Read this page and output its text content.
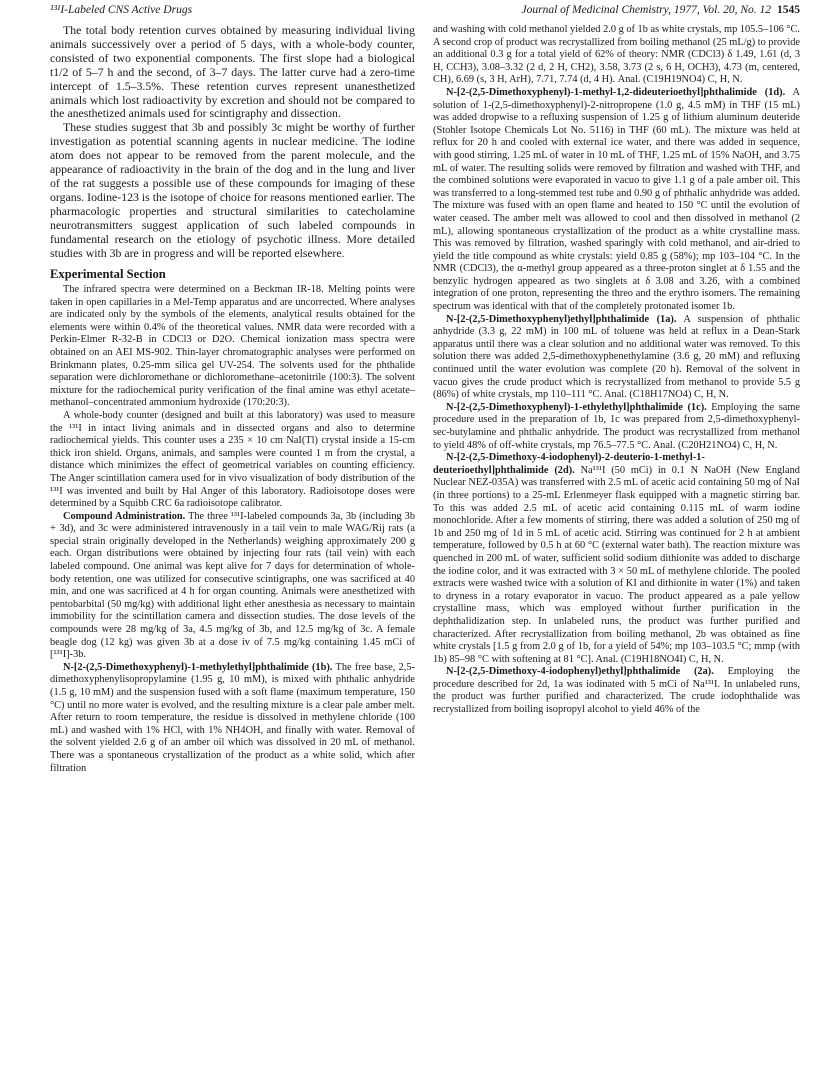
¹³¹I-Labeled CNS Active Drugs	Journal of Medicinal Chemistry, 1977, Vol. 20, No. 12 1545

The total body retention curves obtained by measuring individual living animals successively over a period of 5 days, with a whole-body counter, consisted of two exponential components. The first slope had a biological t1/2 of 5–7 h and the second, of 3–7 days. The latter curve had a zero-time intercept of 1.5–3.5%. These retention curves represent unanesthetized animals which lost radioactivity by excretion and should not be compared to the anesthetized animals used for scintigraphy and dissection.

These studies suggest that 3b and possibly 3c might be worthy of further investigation as potential scanning agents in nuclear medicine. The iodine atom does not appear to be removed from the parent molecule, and the appearance of radioactivity in the brain of the dog and in the lung and liver of the rat suggests a possible use of these compounds for imaging of these organs. Iodine-123 is the isotope of choice for reasons mentioned earlier. The pharmacologic properties and structural similarities to catecholamine neurotransmitters suggest application of such labeled compounds in fundamental research on the etiology of psychotic illness. More detailed studies with 3b are in progress and will be reported elsewhere.

Experimental Section

The infrared spectra were determined on a Beckman IR-18. Melting points were taken in open capillaries in a Mel-Temp apparatus and are uncorrected. Where analyses are indicated only by the symbols of the elements, analytical results obtained for the elements were within 0.4% of the theoretical values. NMR data were recorded with a Perkin-Elmer R-32-B in CDCl3 or D2O. Chemical ionization mass spectra were obtained on an AEI MS-902. Thin-layer chromatographic analyses were performed on Brinkmann plates, 0.25-mm silica gel UV-254. The solvents used for the phthalide separation were dichloromethane or dichloromethane–acetonitrile (100:3). The solvent mixture for the radiochemical purity verification of the final amine was ethyl acetate–methanol–concentrated ammonium hydroxide (170:20:3).

A whole-body counter (designed and built at this laboratory) was used to measure the ¹³¹I in intact living animals and in dissected organs and also to determine radiochemical yields. This counter uses a 235 × 10 cm NaI(Tl) crystal inside a 15-cm thick iron shield. Organs, animals, and samples were counted 1 m from the crystal, a distance which minimizes the effect of geometrical variables on counting efficiency. The Anger scintillation camera used for in vivo visualization of body distribution of the ¹³¹I was invented and built by Hal Anger of this laboratory. Radioisotope doses were determined by a Squibb CRC 6a radioisotope calibrator.

Compound Administration. The three ¹³¹I-labeled compounds 3a, 3b (including 3b + 3d), and 3c were administered intravenously in a tail vein to male WAG/Rij rats (a special strain originally developed in the Netherlands) weighing approximately 200 g each. Organ distributions were obtained by injecting four rats (tail vein) with each labeled compound. One animal was kept alive for 7 days for determination of whole-body retention, one was utilized for consecutive scintigraphs, one was sacrificed at 40 min, and one was sacrificed at 4 h for organ counting. Animals were anesthetized with pentobarbital (50 mg/kg) with additional light ether anesthesia as necessary to maintain immobility for the scintillation camera and dissection studies. The dose levels of the compounds were 28 mg/kg of 3a, 4.5 mg/kg of 3b, and 12.5 mg/kg of 3c. A female beagle dog (12 kg) was given 3b at a dose iv of 7.5 mg/kg containing 1.45 mCi of [¹³¹I]-3b.

N-[2-(2,5-Dimethoxyphenyl)-1-methylethyl]phthalimide (1b). The free base, 2,5-dimethoxyphenylisopropylamine (1.95 g, 10 mM), is mixed with phthalic anhydride (1.5 g, 10 mM) and the suspension fused with a soft flame (maximum temperature, 150 °C) until no more water is evolved, and the resulting mixture is a clear pale amber melt. After return to room temperature, the residue is dissolved in methylene chloride (100 mL) and washed with 1% HCl, with 1% NH4OH, and finally with water. Removal of the solvent yielded 2.6 g of an amber oil which was dissolved in 20 mL of methanol. There was a spontaneous crystallization of the product as a white solid, which after filtration

and washing with cold methanol yielded 2.0 g of 1b as white crystals, mp 105.5–106 °C. A second crop of product was recrystallized from boiling methanol (25 mL/g) to provide an additional 0.3 g for a total yield of 62% of theory: NMR (CDCl3) δ 1.49, 1.61 (d, 3 H, CCH3), 3.08–3.32 (2 d, 2 H, CH2), 3.58, 3.73 (2 s, 6 H, OCH3), 4.73 (m, centered, CH), 6.69 (s, 3 H, ArH), 7.71, 7.74 (d, 4 H). Anal. (C19H19NO4) C, H, N.

N-[2-(2,5-Dimethoxyphenyl)-1-methyl-1,2-dideuterioethyl]phthalimide (1d). A solution of 1-(2,5-dimethoxyphenyl)-2-nitropropene (1.0 g, 4.5 mM) in THF (15 mL) was added dropwise to a refluxing suspension of 1.25 g of lithium aluminum deuteride (Stohler Isotope Chemicals Lot No. 5116) in THF (60 mL). The mixture was held at reflux for 20 h and cooled with external ice water, and there was added in sequence, with good stirring, 1.25 mL of water in 10 mL of THF, 1.25 mL of 15% NaOH, and 3.75 mL of water. The resulting solids were removed by filtration and washed with THF, and the combined solutions were evaporated in vacuo to give 1.1 g of a pale amber oil. This was transferred to a long-stemmed test tube and 0.90 g of phthalic anhydride was added. The mixture was fused with an open flame and heated to 150 °C until the evolution of water ceased. The amber melt was allowed to cool and then dissolved in methanol (2 mL), allowing spontaneous crystallization of the product as a white crystalline mass. This was removed by filtration, washed sparingly with cold methanol, and air-dried to yield the title compound as white crystals: yield 0.85 g (58%); mp 103–104 °C. In the NMR (CDCl3), the α-methyl group appeared as a three-proton singlet at δ 1.55 and the benzylic hydrogen appeared as two singlets at δ 3.08 and 3.26, with a combined integration of one proton, representing the threo and the erythro isomers. The remaining spectrum was identical with that of the completely protonated isomer 1b.

N-[2-(2,5-Dimethoxyphenyl)ethyl]phthalimide (1a). A suspension of phthalic anhydride (3.3 g, 22 mM) in 100 mL of toluene was held at reflux in a Dean-Stark apparatus until there was a clear solution and no additional water was removed. To this solution there was added 2,5-dimethoxyphenethylamine (3.6 g, 20 mM) and refluxing continued until the water evolution was complete (20 h). Removal of the solvent in vacuo gives the crude product which is recrystallized from methanol to provide 5.5 g (86%) of white crystals, mp 110–111 °C. Anal. (C18H17NO4) C, H, N.

N-[2-(2,5-Dimethoxyphenyl)-1-ethylethyl]phthalimide (1c). Employing the same procedure used in the preparation of 1b, 1c was prepared from 2,5-dimethoxyphenyl-sec-butylamine and phthalic anhydride. The product was recrystallized from methanol to yield 48% of off-white crystals, mp 76.5–77.5 °C. Anal. (C20H21NO4) C, H, N.

N-[2-(2,5-Dimethoxy-4-iodophenyl)-2-deuterio-1-methyl-1-deuterioethyl]phthalimide (2d). Na¹³¹I (50 mCi) in 0.1 N NaOH (New England Nuclear NEZ-035A) was transferred with 2.5 mL of acetic acid containing 50 mg of NaI (in three portions) to a 25-mL Erlenmeyer flask equipped with a magnetic stirring bar. To this was added 2.5 mL of acetic acid containing 0.115 mL of warm iodine monochloride. After a few moments of stirring, there was added a solution of 250 mg of 1b and 250 mg of 1d in 5 mL of acetic acid. Stirring was continued for 2 h at ambient temperature, followed by 0.5 h at 60 °C (external water bath). The reaction mixture was quenched in 200 mL of water, sufficient solid sodium dithionite was added to discharge the iodine color, and it was extracted with 3 × 50 mL of methylene chloride. The pooled extracts were washed twice with a solution of KI and dithionite in water (1%) and taken to dryness in a rotary evaporator in vacuo. The product appeared as a pale yellow crystalline mass, which was employed without further purification in the dephthalidization step. In unlabeled runs, the product was further purified and characterized. After recrystallization from boiling methanol, 2b was obtained as fine white crystals [1.5 g from 2.0 g of 1b, for a yield of 54%; mp 103–103.5 °C; mmp (with 1b) 85–98 °C with softening at 81 °C]. Anal. (C19H18NO4I) C, H, N.

N-[2-(2,5-Dimethoxy-4-iodophenyl)ethyl]phthalimide (2a). Employing the procedure described for 2d, 1a was iodinated with 5 mCi of Na¹³¹I. In unlabeled runs, the product was further purified and characterized. The crude iodophthalide was recrystallized from boiling isopropyl alcohol to yield 46% of the
